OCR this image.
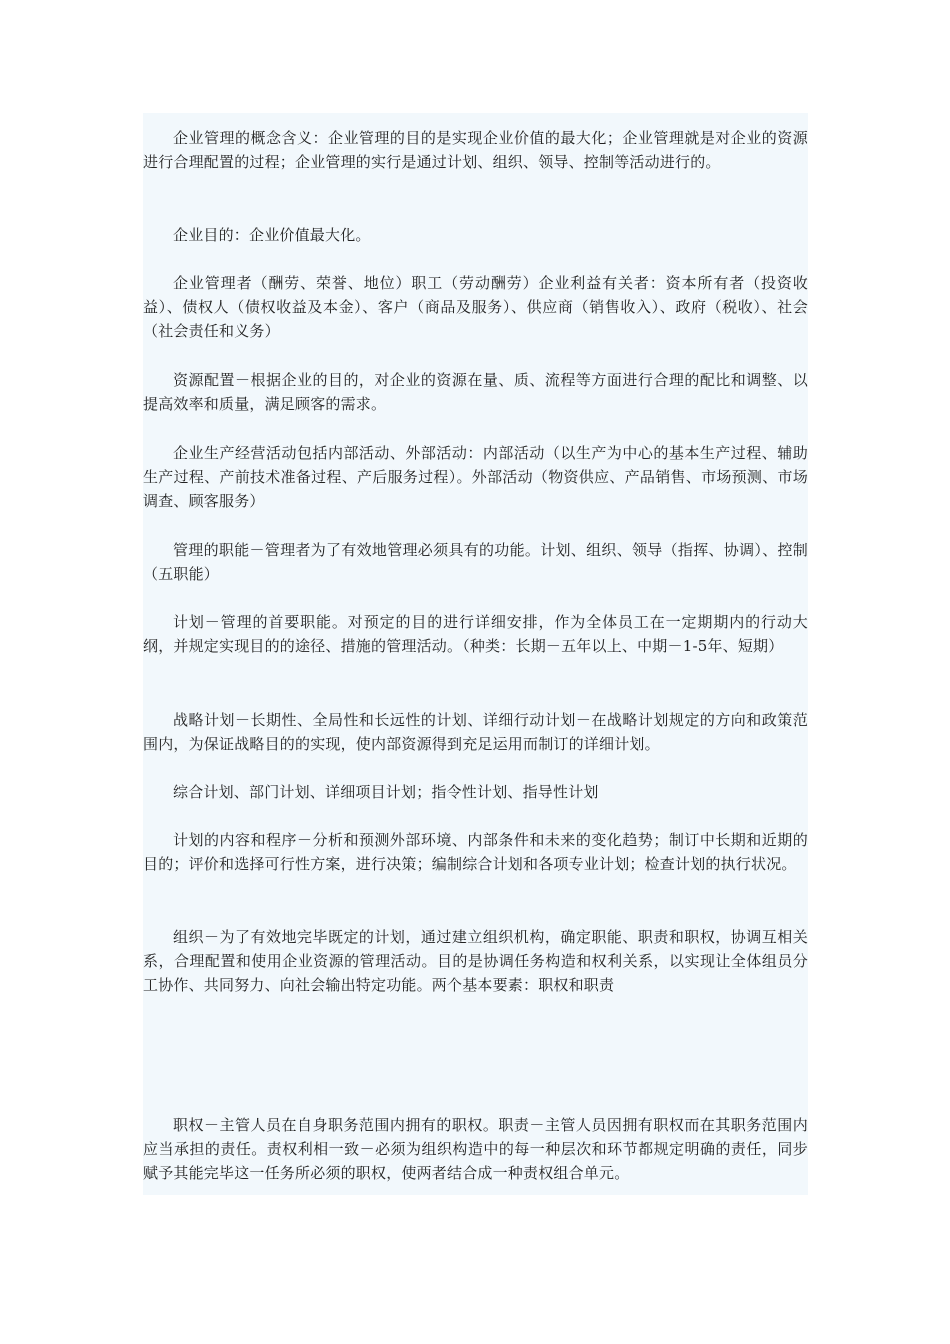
企业管理的概念含义：企业管理的目的是实现企业价值的最大化；企业管理就是对企业的资源进行合理配置的过程；企业管理的实行是通过计划、组织、领导、控制等活动进行的。

企业目的：企业价值最大化。

企业管理者（酬劳、荣誉、地位）职工（劳动酬劳）企业利益有关者：资本所有者（投资收益）、债权人（债权收益及本金）、客户（商品及服务）、供应商（销售收入）、政府（税收）、社会（社会责任和义务）

资源配置－根据企业的目的，对企业的资源在量、质、流程等方面进行合理的配比和调整、以提高效率和质量，满足顾客的需求。

企业生产经营活动包括内部活动、外部活动：内部活动（以生产为中心的基本生产过程、辅助生产过程、产前技术准备过程、产后服务过程）。外部活动（物资供应、产品销售、市场预测、市场调查、顾客服务）

管理的职能－管理者为了有效地管理必须具有的功能。计划、组织、领导（指挥、协调）、控制（五职能）

计划－管理的首要职能。对预定的目的进行详细安排，作为全体员工在一定期期内的行动大纲，并规定实现目的的途径、措施的管理活动。（种类：长期－五年以上、中期－1-5年、短期）

战略计划－长期性、全局性和长远性的计划、详细行动计划－在战略计划规定的方向和政策范围内，为保证战略目的的实现，使内部资源得到充足运用而制订的详细计划。

综合计划、部门计划、详细项目计划；指令性计划、指导性计划

计划的内容和程序－分析和预测外部环境、内部条件和未来的变化趋势；制订中长期和近期的目的；评价和选择可行性方案，进行决策；编制综合计划和各项专业计划；检查计划的执行状况。

组织－为了有效地完毕既定的计划，通过建立组织机构，确定职能、职责和职权，协调互相关系，合理配置和使用企业资源的管理活动。目的是协调任务构造和权利关系，以实现让全体组员分工协作、共同努力、向社会输出特定功能。两个基本要素：职权和职责

职权－主管人员在自身职务范围内拥有的职权。职责－主管人员因拥有职权而在其职务范围内应当承担的责任。责权利相一致－必须为组织构造中的每一种层次和环节都规定明确的责任，同步赋予其能完毕这一任务所必须的职权，使两者结合成一种责权组合单元。
